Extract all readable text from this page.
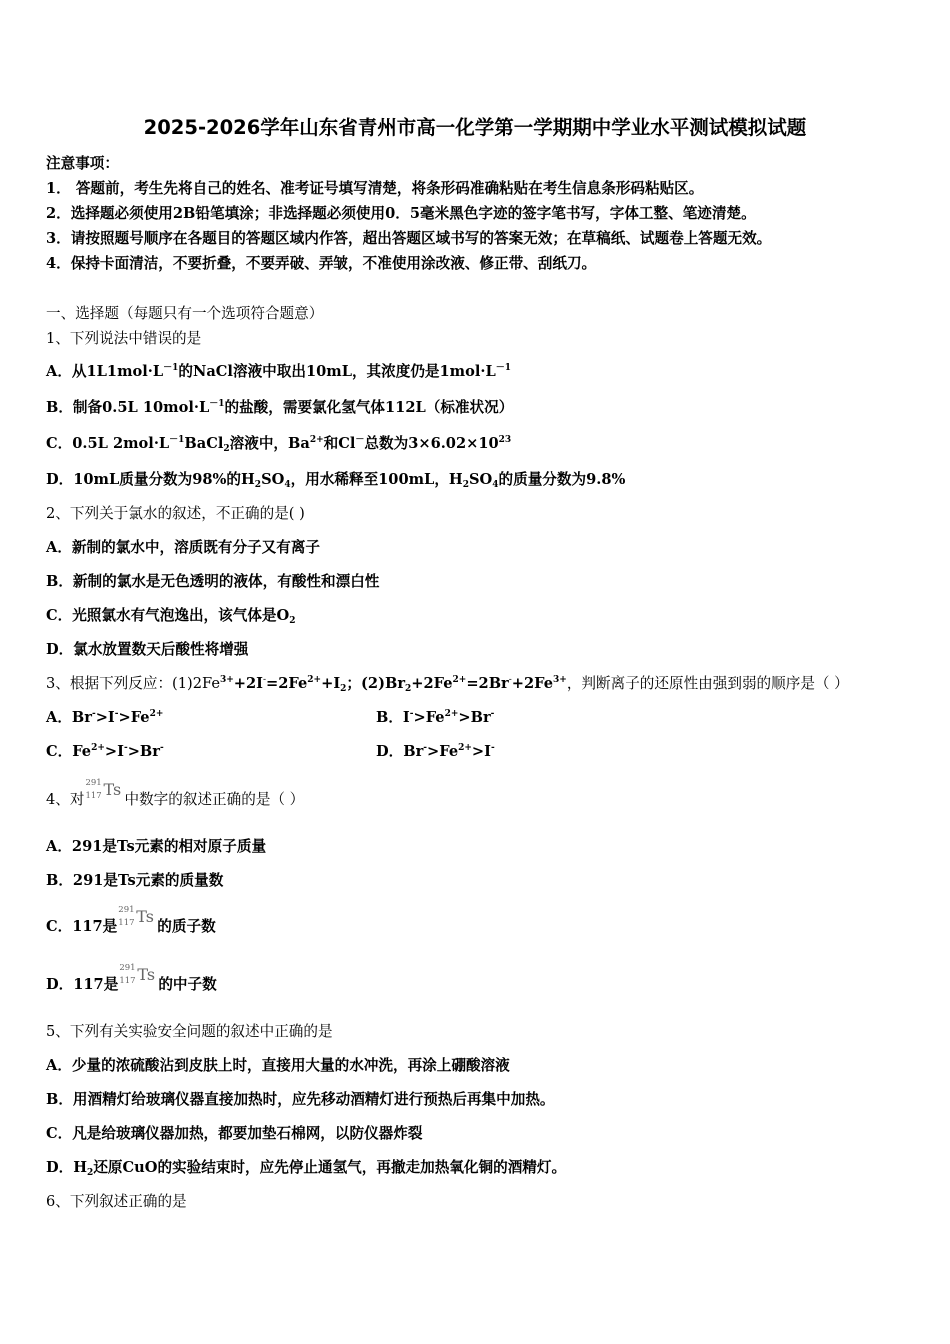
2025-2026学年山东省青州市高一化学第一学期期中学业水平测试模拟试题
注意事项：
1． 答题前，考生先将自己的姓名、准考证号填写清楚，将条形码准确粘贴在考生信息条形码粘贴区。
2．选择题必须使用2B铅笔填涂；非选择题必须使用0．5毫米黑色字迹的签字笔书写，字体工整、笔迹清楚。
3．请按照题号顺序在各题目的答题区域内作答，超出答题区域书写的答案无效；在草稿纸、试题卷上答题无效。
4．保持卡面清洁，不要折叠，不要弄破、弄皱，不准使用涂改液、修正带、刮纸刀。
一、选择题（每题只有一个选项符合题意）
1、下列说法中错误的是
A．从$1L1mol\cdot L^{-1}$的NaCl溶液中取出10mL，其浓度仍是$1mol\cdot L^{-1}$
B．制备0.5L $10mol\cdot L^{-1}$的盐酸，需要氯化氢气体112L（标准状况）
C．0.5L $2mol\cdot L^{-1}BaCl_2$溶液中，$Ba^{2+}$和Cl－总数为$3\times 6.02\times 10^{23}$
D．10mL质量分数为98%的$H_2SO_4$，用水稀释至100mL，$H_2SO_4$的质量分数为9.8%
2、下列关于氯水的叙述，不正确的是( )
A．新制的氯水中，溶质既有分子又有离子
B．新制的氯水是无色透明的液体，有酸性和漂白性
C．光照氯水有气泡逸出，该气体是$O_2$
D．氯水放置数天后酸性将增强
3、根据下列反应：$(1)2Fe^{3+}+2I^-=2Fe^{2+}+I_2$；$(2)Br_2+2Fe^{2+}=2Br^-+2Fe^{3+}$，判断离子的还原性由强到弱的顺序是（ ）
A．$Br^->I^->Fe^{2+}$	B．$I^->Fe^{2+}>Br^-$
C．$Fe^{2+}>I^->Br^-$	D．$Br^->Fe^{2+}>I^-$
4、对
291
117 Ts
中数字的叙述正确的是（ ）
A．291是Ts元素的相对原子质量
B．291是Ts元素的质量数
C．117是
291
117 Ts
的质子数
D．117是
291
117 Ts
的中子数
5、下列有关实验安全问题的叙述中正确的是
A．少量的浓硫酸沾到皮肤上时，直接用大量的水冲洗，再涂上硼酸溶液
B．用酒精灯给玻璃仪器直接加热时，应先移动酒精灯进行预热后再集中加热。
C．凡是给玻璃仪器加热，都要加垫石棉网，以防仪器炸裂
D．$H_2$还原CuO的实验结束时，应先停止通氢气，再撤走加热氧化铜的酒精灯。
6、下列叙述正确的是
